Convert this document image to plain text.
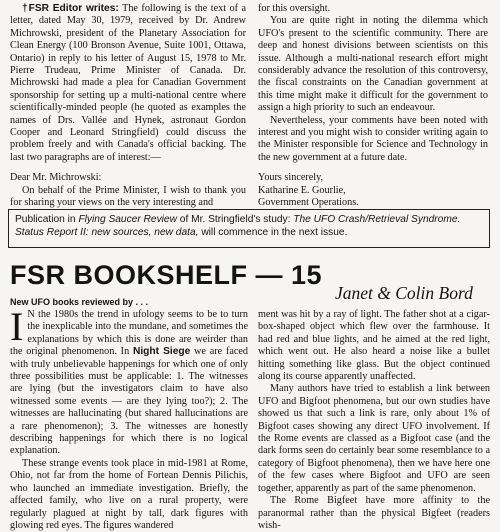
†FSR Editor writes: The following is the text of a letter, dated May 30, 1979, received by Dr. Andrew Michrowski, president of the Planetary Association for Clean Energy (100 Bronson Avenue, Suite 1001, Ottawa, Ontario) in reply to his letter of August 15, 1978 to Mr. Pierre Trudeau, Prime Minister of Canada. Dr. Michrowski had made a plea for Canadian Government sponsorship for setting up a multi-national centre where scientifically-minded people (he quoted as examples the names of Drs. Vallée and Hynek, astronaut Gordon Cooper and Leonard Stringfield) could discuss the problem freely and with Canada's official backing. The last two paragraphs are of interest:—

Dear Mr. Michrowski:

On behalf of the Prime Minister, I wish to thank you for sharing your views on the very interesting and

for this oversight.

You are quite right in noting the dilemma which UFO's present to the scientific community. There are deep and honest divisions between scientists on this issue. Although a multi-national research effort might considerably advance the resolution of this controversy, the fiscal constraints on the Canadian government at this time might make it difficult for the government to assign a high priority to such an endeavour.

Nevertheless, your comments have been noted with interest and you might wish to consider writing again to the Minister responsible for Science and Technology in the new government at a future date.

Yours sincerely,

Katharine E. Gourlie,

Government Operations.

Publication in Flying Saucer Review of Mr. Stringfield's study: The UFO Crash/Retrieval Syndrome. Status Report II: new sources, new data, will commence in the next issue.
FSR BOOKSHELF — 15
New UFO books reviewed by . . .	Janet & Colin Bord

I N the 1980s the trend in ufology seems to be to turn the inexplicable into the mundane, and sometimes the explanations by which this is done are weirder than the original phenomenon. In Night Siege we are faced with truly unbelievable happenings for which one of only three possibilities must be applicable: 1. The witnesses are lying (but the investigators claim to have also witnessed some events — are they lying too?); 2. The witnesses are hallucinating (but shared hallucinations are a rare phenomenon); 3. The witnesses are honestly describing happenings for which there is no logical explanation.

These strange events took place in mid-1981 at Rome, Ohio, not far from the home of Fortean Dennis Pilichis, who launched an immediate investigation. Briefly, the affected family, who live on a rural property, were regularly plagued at night by tall, dark figures with glowing red eyes. The figures wandered

ment was hit by a ray of light. The father shot at a cigar-box-shaped object which flew over the farmhouse. It had red and blue lights, and he aimed at the red light, which went out. He also heard a noise like a bullet hitting something like glass. But the object continued along its course apparently unaffected.

Many authors have tried to establish a link between UFO and Bigfoot phenomena, but our own studies have showed us that such a link is rare, only about 1% of Bigfoot cases showing any direct UFO involvement. If the Rome events are classed as a Bigfoot case (and the dark forms seen do certainly bear some resemblance to a category of Bigfoot phenomena), then we have here one of the few cases where Bigfoot and UFO are seen together, apparently as part of the same phenomenon.

The Rome Bigfeet have more affinity to the paranormal rather than the physical Bigfeet (readers wish-
